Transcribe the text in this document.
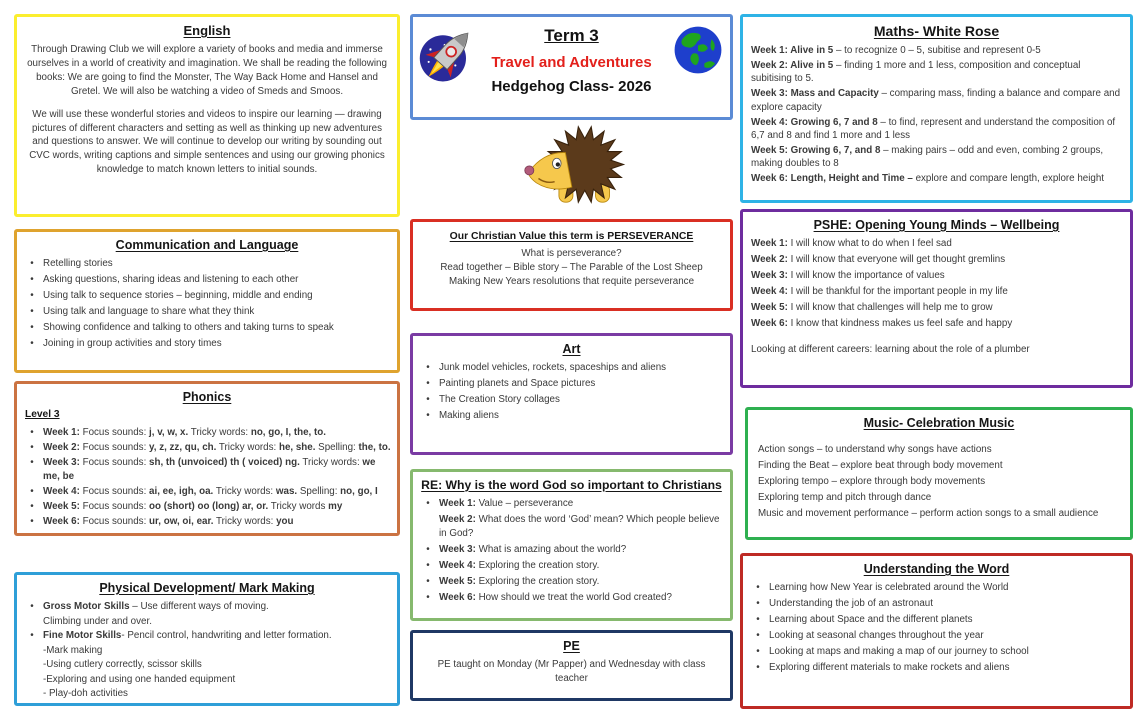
English

Through Drawing Club we will explore a variety of books and media and immerse ourselves in a world of creativity and imagination. We shall be reading the following books: We are going to find the Monster, The Way Back Home and Hansel and Gretel. We will also be watching a video of Smeds and Smoos.

We will use these wonderful stories and videos to inspire our learning — drawing pictures of different characters and setting as well as thinking up new adventures and questions to answer. We will continue to develop our writing by sounding out CVC words, writing captions and simple sentences and using our growing phonics knowledge to match known letters to initial sounds.

Communication and Language
•
Retelling stories
•
Asking questions, sharing ideas and listening to each other
•
Using talk to sequence stories – beginning, middle and ending
•
Using talk and language to share what they think
•
Showing confidence and talking to others and taking turns to speak
•
Joining in group activities and story times
Phonics
Level 3
•
Week 1: Focus sounds: j, v, w, x. Tricky words: no, go, I, the, to.
•
Week 2: Focus sounds: y, z, zz, qu, ch. Tricky words: he, she. Spelling: the, to.
•
Week 3: Focus sounds: sh, th (unvoiced) th ( voiced) ng. Tricky words: we me, be
•
Week 4: Focus sounds: ai, ee, igh, oa. Tricky words: was. Spelling: no, go, I
•
Week 5: Focus sounds: oo (short) oo (long) ar, or. Tricky words my
•
Week 6: Focus sounds: ur, ow, oi, ear. Tricky words: you
Physical Development/ Mark Making
•
Gross Motor Skills – Use different ways of moving.
Climbing under and over.
•
Fine Motor Skills- Pencil control, handwriting and letter formation.
-Mark making
-Using cutlery correctly, scissor skills
-Exploring and using one handed equipment
- Play-doh activities
Term 3
Travel and Adventures
Hedgehog Class- 2026
Our Christian Value this term is PERSEVERANCE
What is perseverance?
Read together – Bible story – The Parable of the Lost Sheep
Making New Years resolutions that requite perseverance
Art
•
Junk model vehicles, rockets, spaceships and aliens
•
Painting planets and Space pictures
•
The Creation Story collages
•
Making aliens
RE: Why is the word God so important to Christians
•
Week 1: Value – perseverance
Week 2: What does the word ‘God’ mean? Which people believe in God?
•
Week 3: What is amazing about the world?
•
Week 4: Exploring the creation story.
•
Week 5: Exploring the creation story.
•
Week 6: How should we treat the world God created?
PE
PE taught on Monday (Mr Papper) and Wednesday with class teacher
Maths- White Rose
Week 1: Alive in 5 – to recognize 0 – 5, subitise and represent 0-5
Week 2: Alive in 5 – finding 1 more and 1 less, composition and conceptual subitising to 5.
Week 3: Mass and Capacity – comparing mass, finding a balance and compare and explore capacity
Week 4: Growing 6, 7 and 8 – to find, represent and understand the composition of 6,7 and 8 and find 1 more and 1 less
Week 5: Growing 6, 7, and 8 – making pairs – odd and even, combing 2 groups, making doubles to 8
Week 6: Length, Height and Time – explore and compare length, explore height
PSHE: Opening Young Minds – Wellbeing
Week 1: I will know what to do when I feel sad
Week 2: I will know that everyone will get thought gremlins
Week 3: I will know the importance of values
Week 4: I will be thankful for the important people in my life
Week 5: I will know that challenges will help me to grow
Week 6: I know that kindness makes us feel safe and happy
Looking at different careers: learning about the role of a plumber
Music- Celebration Music
Action songs – to understand why songs have actions
Finding the Beat – explore beat through body movement
Exploring tempo – explore through body movements
Exploring temp and pitch through dance
Music and movement performance – perform action songs to a small audience
Understanding the Word
•
Learning how New Year is celebrated around the World
•
Understanding the job of an astronaut
•
Learning about Space and the different planets
•
Looking at seasonal changes throughout the year
•
Looking at maps and making a map of our journey to school
•
Exploring different materials to make rockets and aliens
